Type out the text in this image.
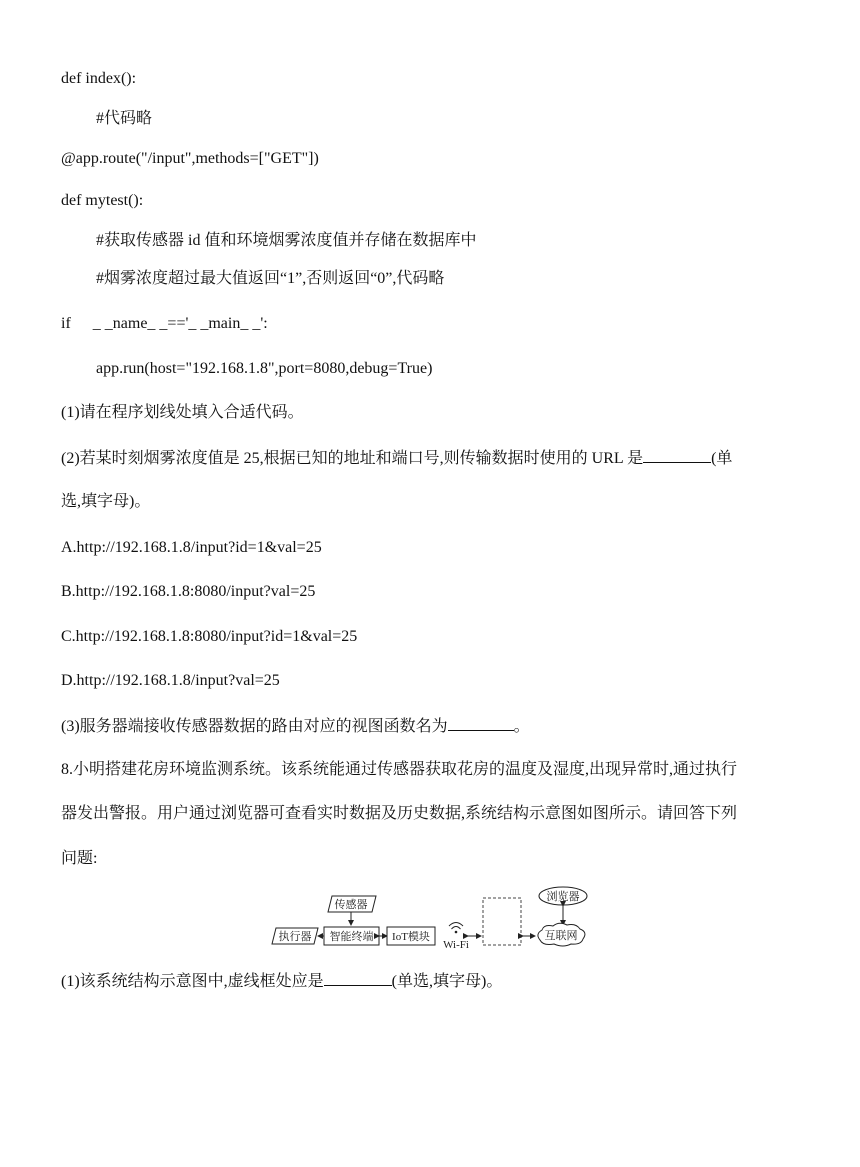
def index():
#代码略
@app.route("/input",methods=["GET"])
def mytest():
#获取传感器 id 值和环境烟雾浓度值并存储在数据库中
#烟雾浓度超过最大值返回“1”,否则返回“0”,代码略
if _ _name_ _=='_ _main_ _':
app.run(host="192.168.1.8",port=8080,debug=True)
(1)请在程序划线处填入合适代码。
(2)若某时刻烟雾浓度值是 25,根据已知的地址和端口号,则传输数据时使用的 URL 是	(单
选,填字母)。
A.http://192.168.1.8/input?id=1&val=25
B.http://192.168.1.8:8080/input?val=25
C.http://192.168.1.8:8080/input?id=1&val=25
D.http://192.168.1.8/input?val=25
(3)服务器端接收传感器数据的路由对应的视图函数名为	。
8.小明搭建花房环境监测系统。该系统能通过传感器获取花房的温度及湿度,出现异常时,通过执行
器发出警报。用户通过浏览器可查看实时数据及历史数据,系统结构示意图如图所示。请回答下列
问题:
传感器
执行器 智能终端 IoT模块
Wi-Fi
浏览器
互联网
(1)该系统结构示意图中,虚线框处应是	(单选,填字母)。
